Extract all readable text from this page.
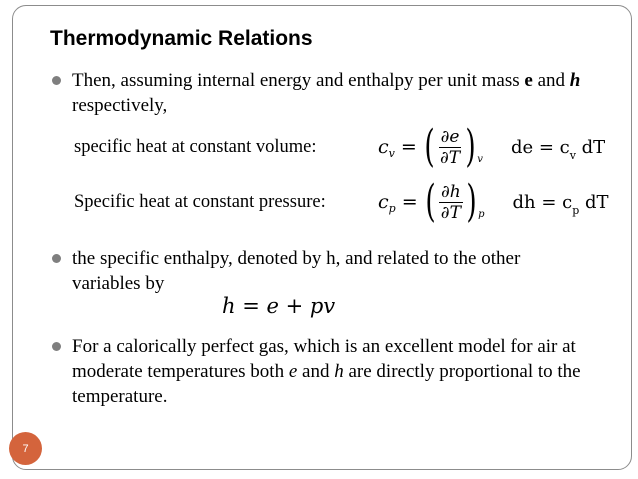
Thermodynamic Relations
Then, assuming internal energy and enthalpy per unit mass e and h respectively,
specific heat at constant volume:	c v = ( $\frac{\partial e}{\partial T}$ ) v
de = $c_v$ dT
Specific heat at constant pressure:	c p = ( $\frac{\partial h}{\partial T}$ ) p
dh = $c_p$ dT
the specific enthalpy, denoted by h, and related to the other variables by
h = e + pv
For a calorically perfect gas, which is an excellent model for air at moderate temperatures both e and h are directly proportional to the temperature.
7
